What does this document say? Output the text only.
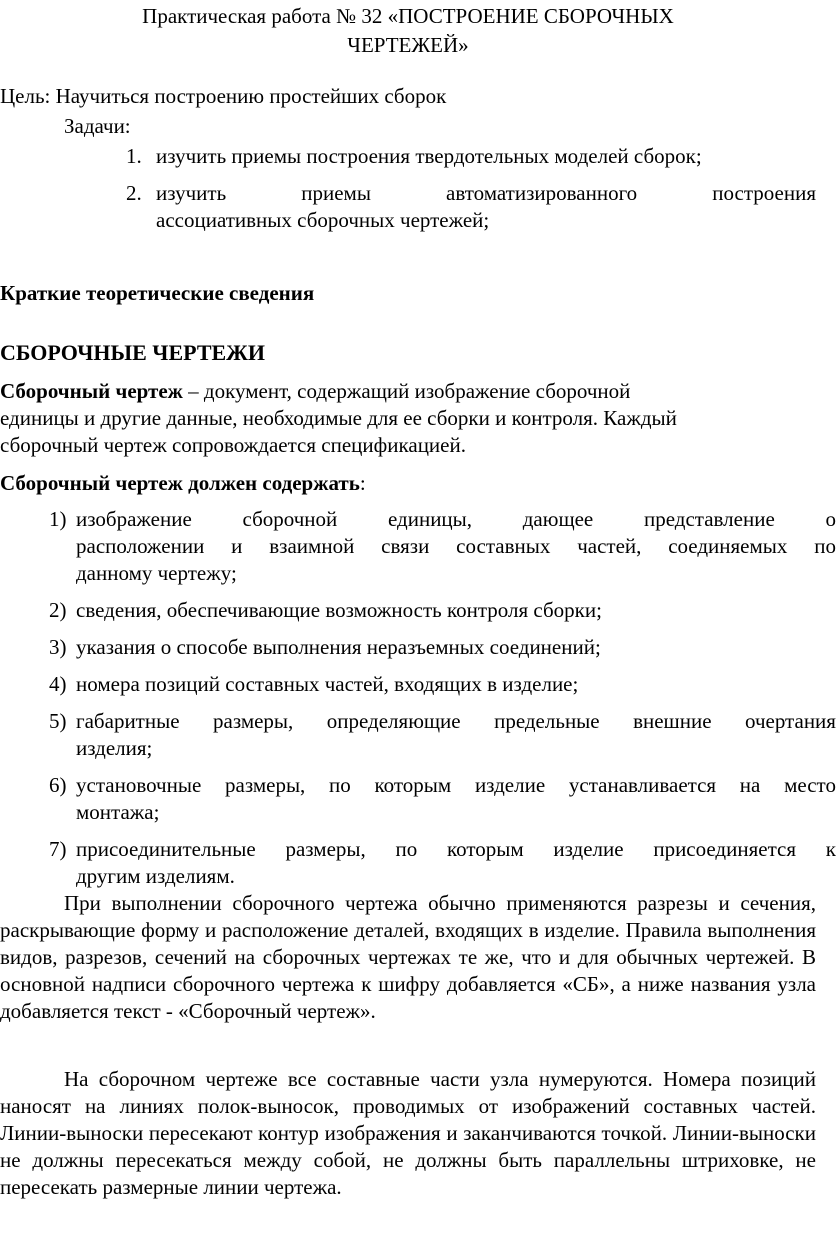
Практическая работа № 32 «ПОСТРОЕНИЕ СБОРОЧНЫХ
ЧЕРТЕЖЕЙ»
Цель: Научиться построению простейших сборок
Задачи:
1. изучить приемы построения твердотельных моделей сборок;
2. изучить	приемы	автоматизированного	построения
ассоциативных сборочных чертежей;
Краткие теоретические сведения
СБОРОЧНЫЕ ЧЕРТЕЖИ
Сборочный чертеж – документ, содержащий изображение сборочной
единицы и другие данные, необходимые для ее сборки и контроля. Каждый
сборочный чертеж сопровождается спецификацией.
Сборочный чертеж должен содержать:
1) изображение сборочной единицы, дающее представление о
расположении и взаимной связи составных частей, соединяемых по
данному чертежу;
2) сведения, обеспечивающие возможность контроля сборки;
3) указания о способе выполнения неразъемных соединений;
4) номера позиций составных частей, входящих в изделие;
5) габаритные размеры, определяющие предельные внешние очертания
изделия;
6) установочные размеры, по которым изделие устанавливается на место
монтажа;
7) присоединительные размеры, по которым изделие присоединяется к
другим изделиям.
При выполнении сборочного чертежа обычно применяются разрезы и сечения, раскрывающие форму и расположение деталей, входящих в изделие. Правила выполнения видов, разрезов, сечений на сборочных чертежах те же, что и для обычных чертежей. В основной надписи сборочного чертежа к шифру добавляется «СБ», а ниже названия узла добавляется текст - «Сборочный чертеж».
На сборочном чертеже все составные части узла нумеруются. Номера позиций наносят на линиях полок-выносок, проводимых от изображений составных частей. Линии-выноски пересекают контур изображения и заканчиваются точкой. Линии-выноски не должны пересекаться между собой, не должны быть параллельны штриховке, не пересекать размерные линии чертежа.
